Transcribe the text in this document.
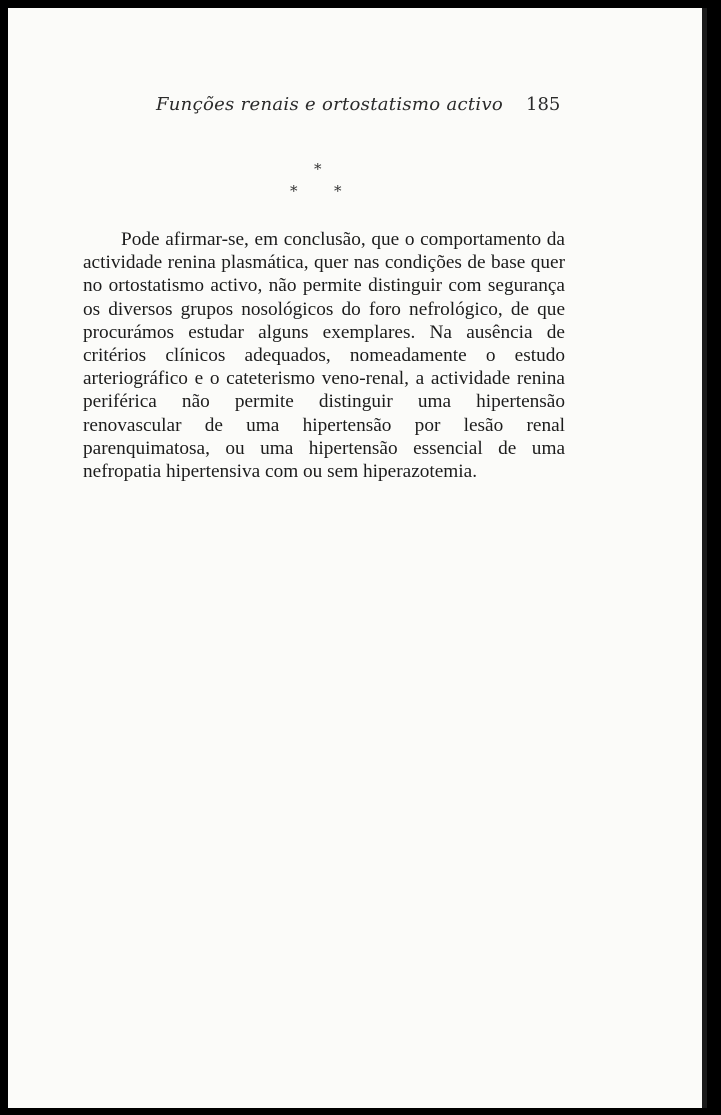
Funções renais e ortostatismo activo 185
*
* *

Pode afirmar-se, em conclusão, que o comportamento da actividade renina plasmática, quer nas condições de base quer no ortostatismo activo, não permite distinguir com segurança os diversos grupos nosológicos do foro nefrológico, de que procurámos estudar alguns exemplares. Na ausência de critérios clínicos adequados, nomeadamente o estudo arteriográfico e o cateterismo veno-renal, a actividade renina periférica não permite distinguir uma hipertensão renovascular de uma hipertensão por lesão renal parenquimatosa, ou uma hipertensão essencial de uma nefropatia hipertensiva com ou sem hiperazotemia.
